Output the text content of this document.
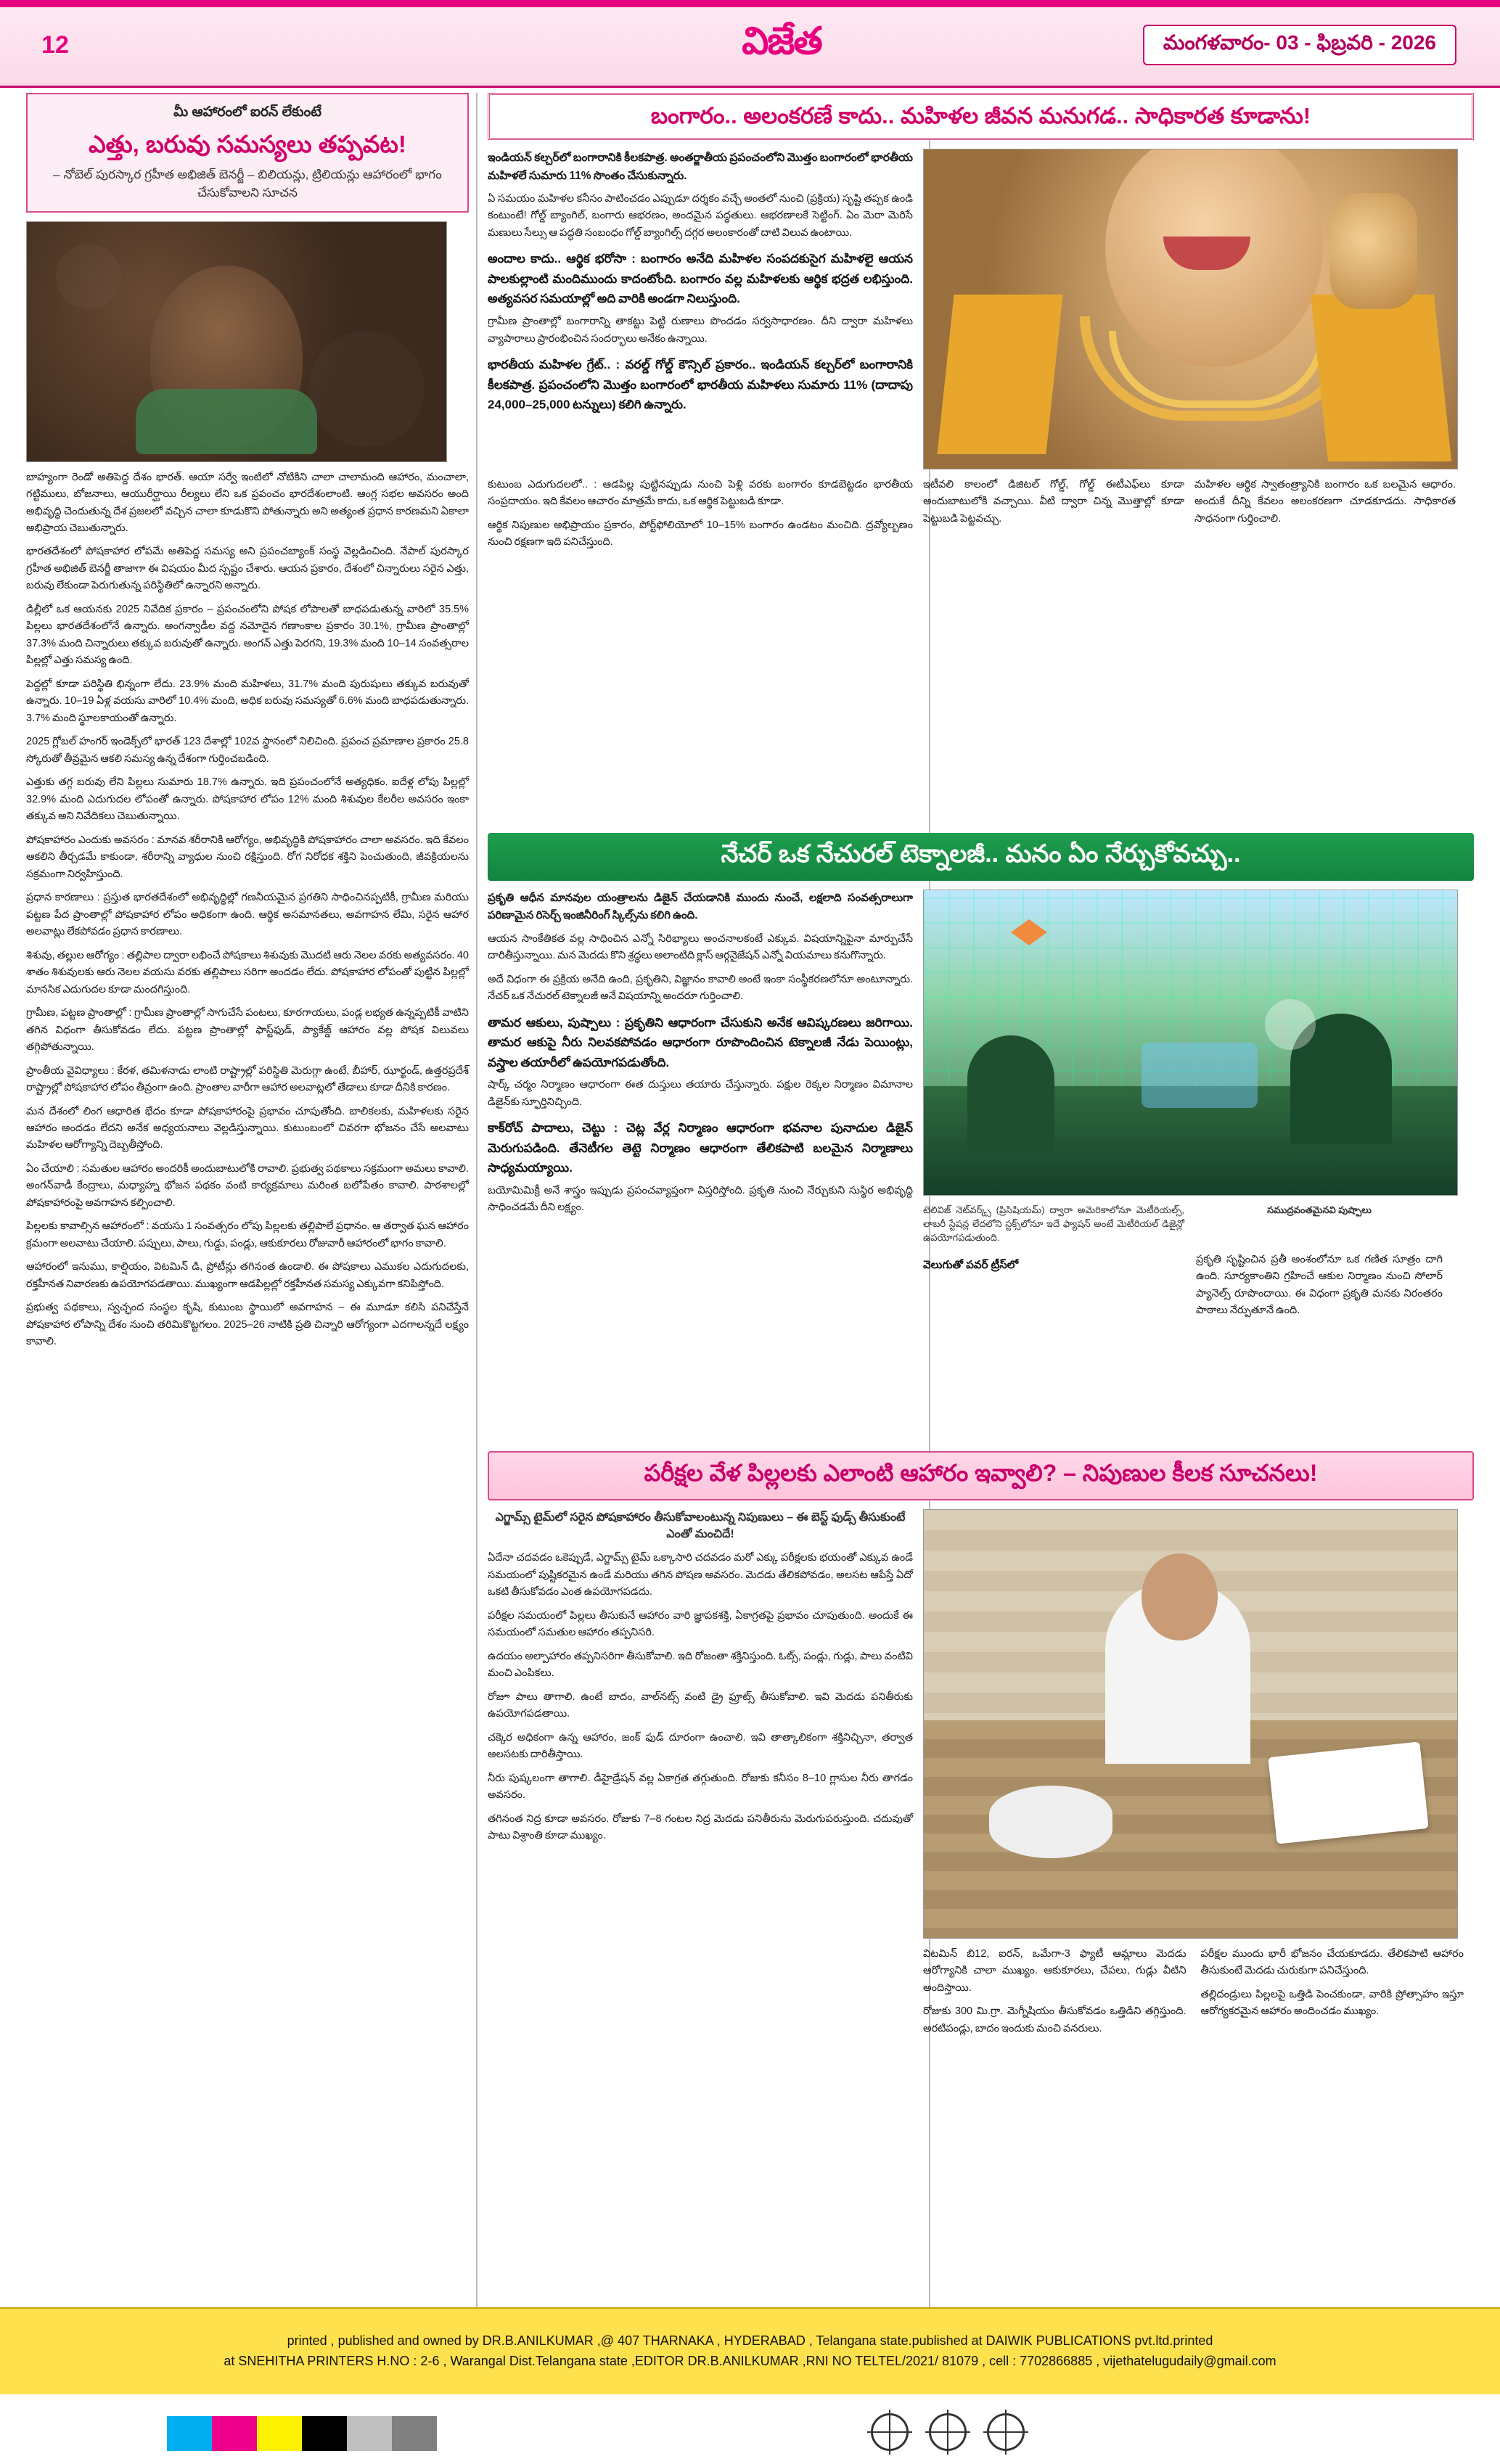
12	విజేత	మంగళవారం- 03 - ఫిబ్రవరి - 2026
మీ ఆహారంలో ఐరన్ లేకుంటే
ఎత్తు, బరువు సమస్యలు తప్పవట!
– నోబెల్ పురస్కార గ్రహీత అభిజిత్ బెనర్జీ – బిలియన్లు, ట్రిలియన్లు ఆహారంలో భాగం చేసుకోవాలని సూచన

బాహ్యంగా రెండో అతిపెద్ద దేశం భారత్. ఆయా సర్వే ఇంటిలో నోటికిని చాలా చాలామంది ఆహారం, మంచాలా, గట్టిములు, బోజనాలు, ఆయురీర్ఘాయి రీల్యలు లేని ఒక ప్రపంచం భారదేశంలాంటి. ఆంగ్ల సభల అవసరం అంది అభివృద్ధి చెందుతున్న దేశ ప్రజలలో వచ్చిన చాలా కూడుకొని పోతున్నారు అని అత్యంత ప్రధాన కారణమని ఏకాలా అభిప్రాయ చెబుతున్నారు.

భారతదేశంలో పోషకాహార లోపమే అతిపెద్ద సమస్య అని ప్రపంచబ్యాంక్ సంస్థ వెల్లడించింది. నేపాల్ పురస్కార గ్రహీత అభిజిత్ బెనర్జీ తాజాగా ఈ విషయం మీద స్పష్టం చేశారు. ఆయన ప్రకారం, దేశంలో చిన్నారులు సరైన ఎత్తు, బరువు లేకుండా పెరుగుతున్న పరిస్థితిలో ఉన్నారని అన్నారు.

డిల్లీలో ఒక ఆయనకు 2025 నివేదిక ప్రకారం – ప్రపంచంలోని పోషక లోపాలతో బాధపడుతున్న వారిలో 35.5% పిల్లలు భారతదేశంలోనే ఉన్నారు. అంగన్వాడీల వద్ద నమోదైన గణాంకాల ప్రకారం 30.1%, గ్రామీణ ప్రాంతాల్లో 37.3% మంది చిన్నారులు తక్కువ బరువుతో ఉన్నారు. అంగన్ ఎత్తు పెరగని, 19.3% మంది 10–14 సంవత్సరాల పిల్లల్లో ఎత్తు సమస్య ఉంది.

పెద్దల్లో కూడా పరిస్థితి భిన్నంగా లేదు. 23.9% మంది మహిళలు, 31.7% మంది పురుషులు తక్కువ బరువుతో ఉన్నారు. 10–19 ఏళ్ల వయసు వారిలో 10.4% మంది, అధిక బరువు సమస్యతో 6.6% మంది బాధపడుతున్నారు. 3.7% మంది స్థూలకాయంతో ఉన్నారు.

2025 గ్లోబల్ హంగర్ ఇండెక్స్‌లో భారత్ 123 దేశాల్లో 102వ స్థానంలో నిలిచింది. ప్రపంచ ప్రమాణాల ప్రకారం 25.8 స్కోరుతో తీవ్రమైన ఆకలి సమస్య ఉన్న దేశంగా గుర్తించబడింది.

ఎత్తుకు తగ్గ బరువు లేని పిల్లలు సుమారు 18.7% ఉన్నారు. ఇది ప్రపంచంలోనే అత్యధికం. ఐదేళ్ల లోపు పిల్లల్లో 32.9% మంది ఎదుగుదల లోపంతో ఉన్నారు. పోషకాహార లోపం 12% మంది శిశువుల కేలరీల అవసరం ఇంకా తక్కువ అని నివేదికలు చెబుతున్నాయి.

పోషకాహారం ఎందుకు అవసరం : మానవ శరీరానికి ఆరోగ్యం, అభివృద్ధికి పోషకాహారం చాలా అవసరం. ఇది కేవలం ఆకలిని తీర్చడమే కాకుండా, శరీరాన్ని వ్యాధుల నుంచి రక్షిస్తుంది. రోగ నిరోధక శక్తిని పెంచుతుంది, జీవక్రియలను సక్రమంగా నిర్వహిస్తుంది.

ప్రధాన కారణాలు : ప్రస్తుత భారతదేశంలో అభివృద్ధిల్లో గణనీయమైన ప్రగతిని సాధించినప్పటికీ, గ్రామీణ మరియు పట్టణ పేద ప్రాంతాల్లో పోషకాహార లోపం అధికంగా ఉంది. ఆర్థిక అసమానతలు, అవగాహన లేమి, సరైన ఆహార అలవాట్లు లేకపోవడం ప్రధాన కారణాలు.

శిశువు, తల్లుల ఆరోగ్యం : తల్లిపాల ద్వారా లభించే పోషకాలు శిశువుకు మొదటి ఆరు నెలల వరకు అత్యవసరం. 40 శాతం శిశువులకు ఆరు నెలల వయసు వరకు తల్లిపాలు సరిగా అందడం లేదు. పోషకాహార లోపంతో పుట్టిన పిల్లల్లో మానసిక ఎదుగుదల కూడా మందగిస్తుంది.

గ్రామీణ, పట్టణ ప్రాంతాల్లో : గ్రామీణ ప్రాంతాల్లో సాగుచేసే పంటలు, కూరగాయలు, పండ్ల లభ్యత ఉన్నప్పటికీ వాటిని తగిన విధంగా తీసుకోవడం లేదు. పట్టణ ప్రాంతాల్లో ఫాస్ట్‌ఫుడ్, ప్యాకేజ్డ్ ఆహారం వల్ల పోషక విలువలు తగ్గిపోతున్నాయి.

ప్రాంతీయ వైవిధ్యాలు : కేరళ, తమిళనాడు లాంటి రాష్ట్రాల్లో పరిస్థితి మెరుగ్గా ఉంటే, బీహార్, ఝార్ఖండ్, ఉత్తరప్రదేశ్ రాష్ట్రాల్లో పోషకాహార లోపం తీవ్రంగా ఉంది. ప్రాంతాల వారీగా ఆహార అలవాట్లలో తేడాలు కూడా దీనికి కారణం.

మన దేశంలో లింగ ఆధారిత భేదం కూడా పోషకాహారంపై ప్రభావం చూపుతోంది. బాలికలకు, మహిళలకు సరైన ఆహారం అందడం లేదని అనేక అధ్యయనాలు వెల్లడిస్తున్నాయి. కుటుంబంలో చివరగా భోజనం చేసే అలవాటు మహిళల ఆరోగ్యాన్ని దెబ్బతీస్తోంది.

ఏం చేయాలి : సమతుల ఆహారం అందరికీ అందుబాటులోకి రావాలి. ప్రభుత్వ పథకాలు సక్రమంగా అమలు కావాలి. అంగన్‌వాడీ కేంద్రాలు, మధ్యాహ్న భోజన పథకం వంటి కార్యక్రమాలు మరింత బలోపేతం కావాలి. పాఠశాలల్లో పోషకాహారంపై అవగాహన కల్పించాలి.

పిల్లలకు కావాల్సిన ఆహారంలో : వయసు 1 సంవత్సరం లోపు పిల్లలకు తల్లిపాలే ప్రధానం. ఆ తర్వాత ఘన ఆహారం క్రమంగా అలవాటు చేయాలి. పప్పులు, పాలు, గుడ్డు, పండ్లు, ఆకుకూరలు రోజువారీ ఆహారంలో భాగం కావాలి.

ఆహారంలో ఇనుము, కాల్షియం, విటమిన్ డి, ప్రోటీన్లు తగినంత ఉండాలి. ఈ పోషకాలు ఎముకల ఎదుగుదలకు, రక్తహీనత నివారణకు ఉపయోగపడతాయి. ముఖ్యంగా ఆడపిల్లల్లో రక్తహీనత సమస్య ఎక్కువగా కనిపిస్తోంది.

ప్రభుత్వ పథకాలు, స్వచ్ఛంద సంస్థల కృషి, కుటుంబ స్థాయిలో అవగాహన – ఈ మూడూ కలిసి పనిచేస్తేనే పోషకాహార లోపాన్ని దేశం నుంచి తరిమికొట్టగలం. 2025–26 నాటికి ప్రతి చిన్నారి ఆరోగ్యంగా ఎదగాలన్నదే లక్ష్యం కావాలి.

బంగారం.. అలంకరణే కాదు.. మహిళల జీవన మనుగడ.. సాధికారత కూడాను!
ఇండియన్ కల్చర్‌లో బంగారానికి కీలకపాత్ర. అంతర్జాతీయ ప్రపంచంలోని మొత్తం బంగారంలో భారతీయ మహిళలే సుమారు 11% సొంతం చేసుకున్నారు.

ఏ సమయం మహిళల కనీసం పాటించడం ఎప్పుడూ దర్శకం వచ్చే అంతలో నుంచి (ప్రక్రియ) సృష్టి తప్పక ఉండి కంటుంటే! గోల్డ్ బ్యాంగిల్, బంగారు ఆభరణం, అందమైన పద్ధతులు. ఆభరణాలకే సెట్టింగ్. ఏం మెరా మెరిసే మణులు సేల్సు ఆ పద్ధతి సంబంధం గోల్డ్ బ్యాంగిల్స్ దగ్గర అలంకారంతో దాటి విలువ ఉంటాయి.

అందాల కాదు.. ఆర్థిక భరోసా : బంగారం అనేది మహిళల సంపదకుసైగ మహిళలై ఆయన పాలకుల్లాంటి మందిముందు కాదంటోంది. బంగారం వల్ల మహిళలకు ఆర్థిక భద్రత లభిస్తుంది. అత్యవసర సమయాల్లో అది వారికి అండగా నిలుస్తుంది.

గ్రామీణ ప్రాంతాల్లో బంగారాన్ని తాకట్టు పెట్టి రుణాలు పొందడం సర్వసాధారణం. దీని ద్వారా మహిళలు వ్యాపారాలు ప్రారంభించిన సందర్భాలు అనేకం ఉన్నాయి.

భారతీయ మహిళల గ్రేట్.. : వరల్డ్ గోల్డ్ కౌన్సిల్ ప్రకారం.. ఇండియన్ కల్చర్‌లో బంగారానికి కీలకపాత్ర. ప్రపంచంలోని మొత్తం బంగారంలో భారతీయ మహిళలు సుమారు 11% (దాదాపు 24,000–25,000 టన్నులు) కలిగి ఉన్నారు.

కుటుంబ ఎదుగుదలలో.. : ఆడపిల్ల పుట్టినప్పుడు నుంచి పెళ్లి వరకు బంగారం కూడబెట్టడం భారతీయ సంప్రదాయం. ఇది కేవలం ఆచారం మాత్రమే కాదు, ఒక ఆర్థిక పెట్టుబడి కూడా.

ఆర్థిక నిపుణుల అభిప్రాయం ప్రకారం, పోర్ట్‌ఫోలియోలో 10–15% బంగారం ఉండటం మంచిది. ద్రవ్యోల్బణం నుంచి రక్షణగా ఇది పనిచేస్తుంది.

ఇటీవలి కాలంలో డిజిటల్ గోల్డ్, గోల్డ్ ఈటీఎఫ్‌లు కూడా అందుబాటులోకి వచ్చాయి. వీటి ద్వారా చిన్న మొత్తాల్లో కూడా పెట్టుబడి పెట్టవచ్చు.

మహిళల ఆర్థిక స్వాతంత్ర్యానికి బంగారం ఒక బలమైన ఆధారం. అందుకే దీన్ని కేవలం అలంకరణగా చూడకూడదు. సాధికారత సాధనంగా గుర్తించాలి.

నేచర్ ఒక నేచురల్ టెక్నాలజీ.. మనం ఏం నేర్చుకోవచ్చు..
ప్రకృతి ఆధీన మానవుల యంత్రాలను డిజైన్ చేయడానికి ముందు నుంచే, లక్షలాది సంవత్సరాలుగా పరిణామైన రిసెర్చ్ ఇంజినీరింగ్ స్కిల్స్‌ను కలిగి ఉంది.

ఆయన సాంకేతికత వల్ల సాధించిన ఎన్నో సిరిభ్యాలు అంచనాలకంటే ఎక్కువ. విషయాన్నిపైనా మార్పుచేసే దారితీస్తున్నాయి. మన మెదడు కొని శ్రద్ధలు అలాంటిది క్లాస్ ఆర్గనైజేషన్ ఎన్నో వియమాలు కనుగొన్నారు.

అదే విధంగా ఈ ప్రక్రియ అనేది ఉంది, ప్రకృతిని, విజ్ఞానం కావాలి అంటే ఇంకా సంస్థీకరణలోనూ అంటూన్నారు. నేచర్ ఒక నేచురల్ టెక్నాలజీ అనే విషయాన్ని అందరూ గుర్తించాలి.

తామర ఆకులు, పుష్పాలు : ప్రకృతిని ఆధారంగా చేసుకుని అనేక ఆవిష్కరణలు జరిగాయి. తామర ఆకుపై నీరు నిలవకపోవడం ఆధారంగా రూపొందించిన టెక్నాలజీ నేడు పెయింట్లు, వస్త్రాల తయారీలో ఉపయోగపడుతోంది.

షార్క్ చర్మం నిర్మాణం ఆధారంగా ఈత దుస్తులు తయారు చేస్తున్నారు. పక్షుల రెక్కల నిర్మాణం విమానాల డిజైన్‌కు స్ఫూర్తినిచ్చింది.

కాక్‌రోచ్ పాదాలు, చెట్టు : చెట్ల వేర్ల నిర్మాణం ఆధారంగా భవనాల పునాదుల డిజైన్ మెరుగుపడింది. తేనెటీగల తెట్టె నిర్మాణం ఆధారంగా తేలికపాటి బలమైన నిర్మాణాలు సాధ్యమయ్యాయి.

బయోమిమిక్రీ అనే శాస్త్రం ఇప్పుడు ప్రపంచవ్యాప్తంగా విస్తరిస్తోంది. ప్రకృతి నుంచి నేర్చుకుని సుస్థిర అభివృద్ధి సాధించడమే దీని లక్ష్యం.	టెలివిజ్ నెట్‌వర్క్స్ (ప్రిసిషియమ్) ద్వారా అమెరికాలోనూ మెటీరియల్స్, లాబరీ స్టేషన్ల లేదలోని స్టక్స్‌లోనూ ఇదే ఫ్యాషన్ అంటే మెటీరియల్ డిజైన్లో ఉపయోగపడుతుంది.
సముద్రవంతమైనవి పుష్పాలు
వెలుగుతో పవర్ ట్రీస్‌లో	ప్రకృతి సృష్టించిన ప్రతీ అంశంలోనూ ఒక గణిత సూత్రం దాగి ఉంది. సూర్యకాంతిని గ్రహించే ఆకుల నిర్మాణం నుంచి సోలార్ ప్యానెల్స్ రూపొందాయి. ఈ విధంగా ప్రకృతి మనకు నిరంతరం పాఠాలు నేర్పుతూనే ఉంది.
పరీక్షల వేళ పిల్లలకు ఎలాంటి ఆహారం ఇవ్వాలి? – నిపుణుల కీలక సూచనలు!
ఎగ్జామ్స్ టైమ్‌లో సరైన పోషకాహారం తీసుకోవాలంటున్న నిపుణులు – ఈ బెస్ట్ ఫుడ్స్ తీసుకుంటే ఎంతో మంచిదే!

ఏదేనా చదవడం ఒకెప్పుడే, ఎగ్జామ్స్ టైమ్ ఒక్కాసారి చదవడం మరో ఎక్కు పరీక్షలకు భయంతో ఎక్కువ ఉండే సమయంలో పుష్టికరమైన ఉండే మరియు తగిన పోషణ అవసరం. మెదడు తేలికపోవడం, అలసట ఆపేస్తే ఏదో ఒకటి తీసుకోవడం ఎంత ఉపయోగపడదు.

పరీక్షల సమయంలో పిల్లలు తీసుకునే ఆహారం వారి జ్ఞాపకశక్తి, ఏకాగ్రతపై ప్రభావం చూపుతుంది. అందుకే ఈ సమయంలో సమతుల ఆహారం తప్పనిసరి.

ఉదయం అల్పాహారం తప్పనిసరిగా తీసుకోవాలి. ఇది రోజంతా శక్తినిస్తుంది. ఓట్స్, పండ్లు, గుడ్లు, పాలు వంటివి మంచి ఎంపికలు.

రోజూ పాలు తాగాలి. ఉంటే బాదం, వాల్‌నట్స్ వంటి డ్రై ఫ్రూట్స్ తీసుకోవాలి. ఇవి మెదడు పనితీరుకు ఉపయోగపడతాయి.

చక్కెర అధికంగా ఉన్న ఆహారం, జంక్ ఫుడ్ దూరంగా ఉంచాలి. ఇవి తాత్కాలికంగా శక్తినిచ్చినా, తర్వాత అలసటకు దారితీస్తాయి.

నీరు పుష్కలంగా తాగాలి. డీహైడ్రేషన్ వల్ల ఏకాగ్రత తగ్గుతుంది. రోజుకు కనీసం 8–10 గ్లాసుల నీరు తాగడం అవసరం.

తగినంత నిద్ర కూడా అవసరం. రోజుకు 7–8 గంటల నిద్ర మెదడు పనితీరును మెరుగుపరుస్తుంది. చదువుతో పాటు విశ్రాంతి కూడా ముఖ్యం.

విటమిన్ బి12, ఐరన్, ఒమేగా-3 ఫ్యాటీ ఆమ్లాలు మెదడు ఆరోగ్యానికి చాలా ముఖ్యం. ఆకుకూరలు, చేపలు, గుడ్లు వీటిని అందిస్తాయి.

రోజుకు 300 మి.గ్రా. మెగ్నీషియం తీసుకోవడం ఒత్తిడిని తగ్గిస్తుంది. అరటిపండ్లు, బాదం ఇందుకు మంచి వనరులు.

పరీక్షల ముందు భారీ భోజనం చేయకూడదు. తేలికపాటి ఆహారం తీసుకుంటే మెదడు చురుకుగా పనిచేస్తుంది.

తల్లిదండ్రులు పిల్లలపై ఒత్తిడి పెంచకుండా, వారికి ప్రోత్సాహం ఇస్తూ ఆరోగ్యకరమైన ఆహారం అందించడం ముఖ్యం.

printed , published and owned by DR.B.ANILKUMAR ,@ 407 THARNAKA , HYDERABAD , Telangana state.published at DAIWIK PUBLICATIONS pvt.ltd.printed
at SNEHITHA PRINTERS H.NO : 2-6 , Warangal Dist.Telangana state ,EDITOR DR.B.ANILKUMAR ,RNI NO TELTEL/2021/ 81079 , cell : 7702866885 , vijethatelugudaily@gmail.com
